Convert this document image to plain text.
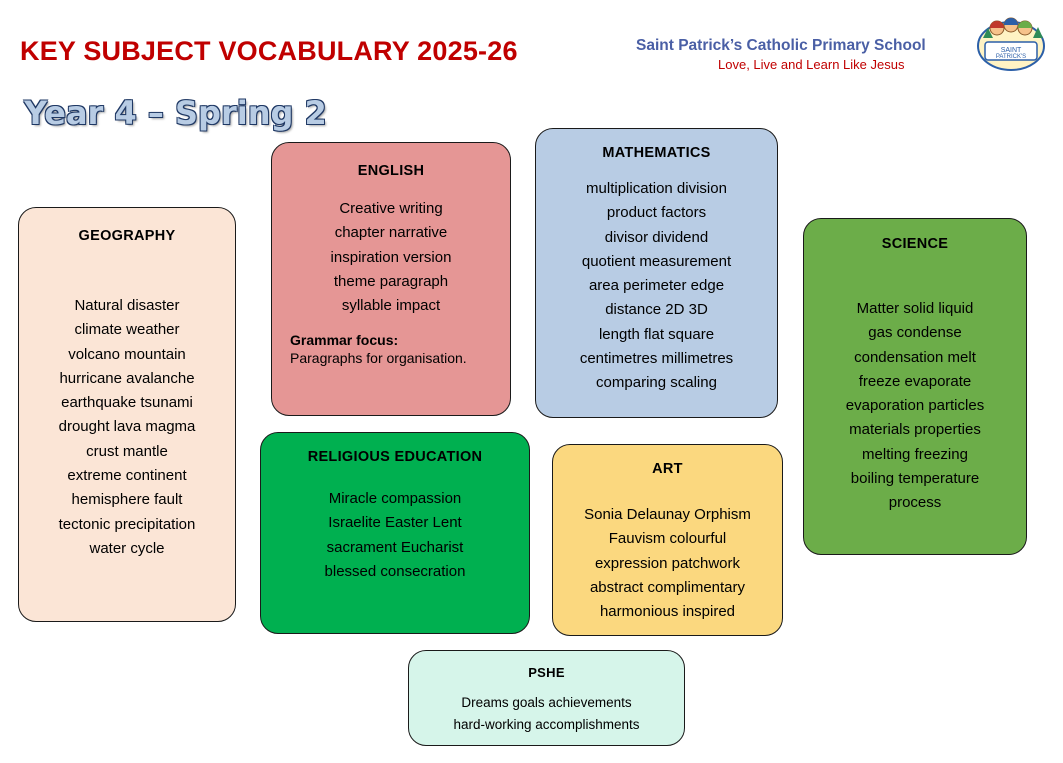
KEY SUBJECT VOCABULARY 2025-26	Saint Patrick’s Catholic Primary School
Love, Live and Learn Like Jesus
SAINT
PATRICK'S
Year 4 – Spring 2
GEOGRAPHY
Natural disaster
climate weather
volcano mountain
hurricane avalanche
earthquake tsunami
drought lava magma
crust mantle
extreme continent
hemisphere fault
tectonic precipitation
water cycle
ENGLISH
Creative writing
chapter narrative
inspiration version
theme paragraph
syllable impact
Grammar focus:
Paragraphs for organisation.
MATHEMATICS
multiplication division
product factors
divisor dividend
quotient measurement
area perimeter edge
distance 2D 3D
length flat square
centimetres millimetres
comparing scaling
SCIENCE
Matter solid liquid
gas condense
condensation melt
freeze evaporate
evaporation particles
materials properties
melting freezing
boiling temperature
process
RELIGIOUS EDUCATION
Miracle compassion
Israelite Easter Lent
sacrament Eucharist
blessed consecration
ART
Sonia Delaunay Orphism
Fauvism colourful
expression patchwork
abstract complimentary
harmonious inspired
PSHE
Dreams goals achievements
hard-working accomplishments
